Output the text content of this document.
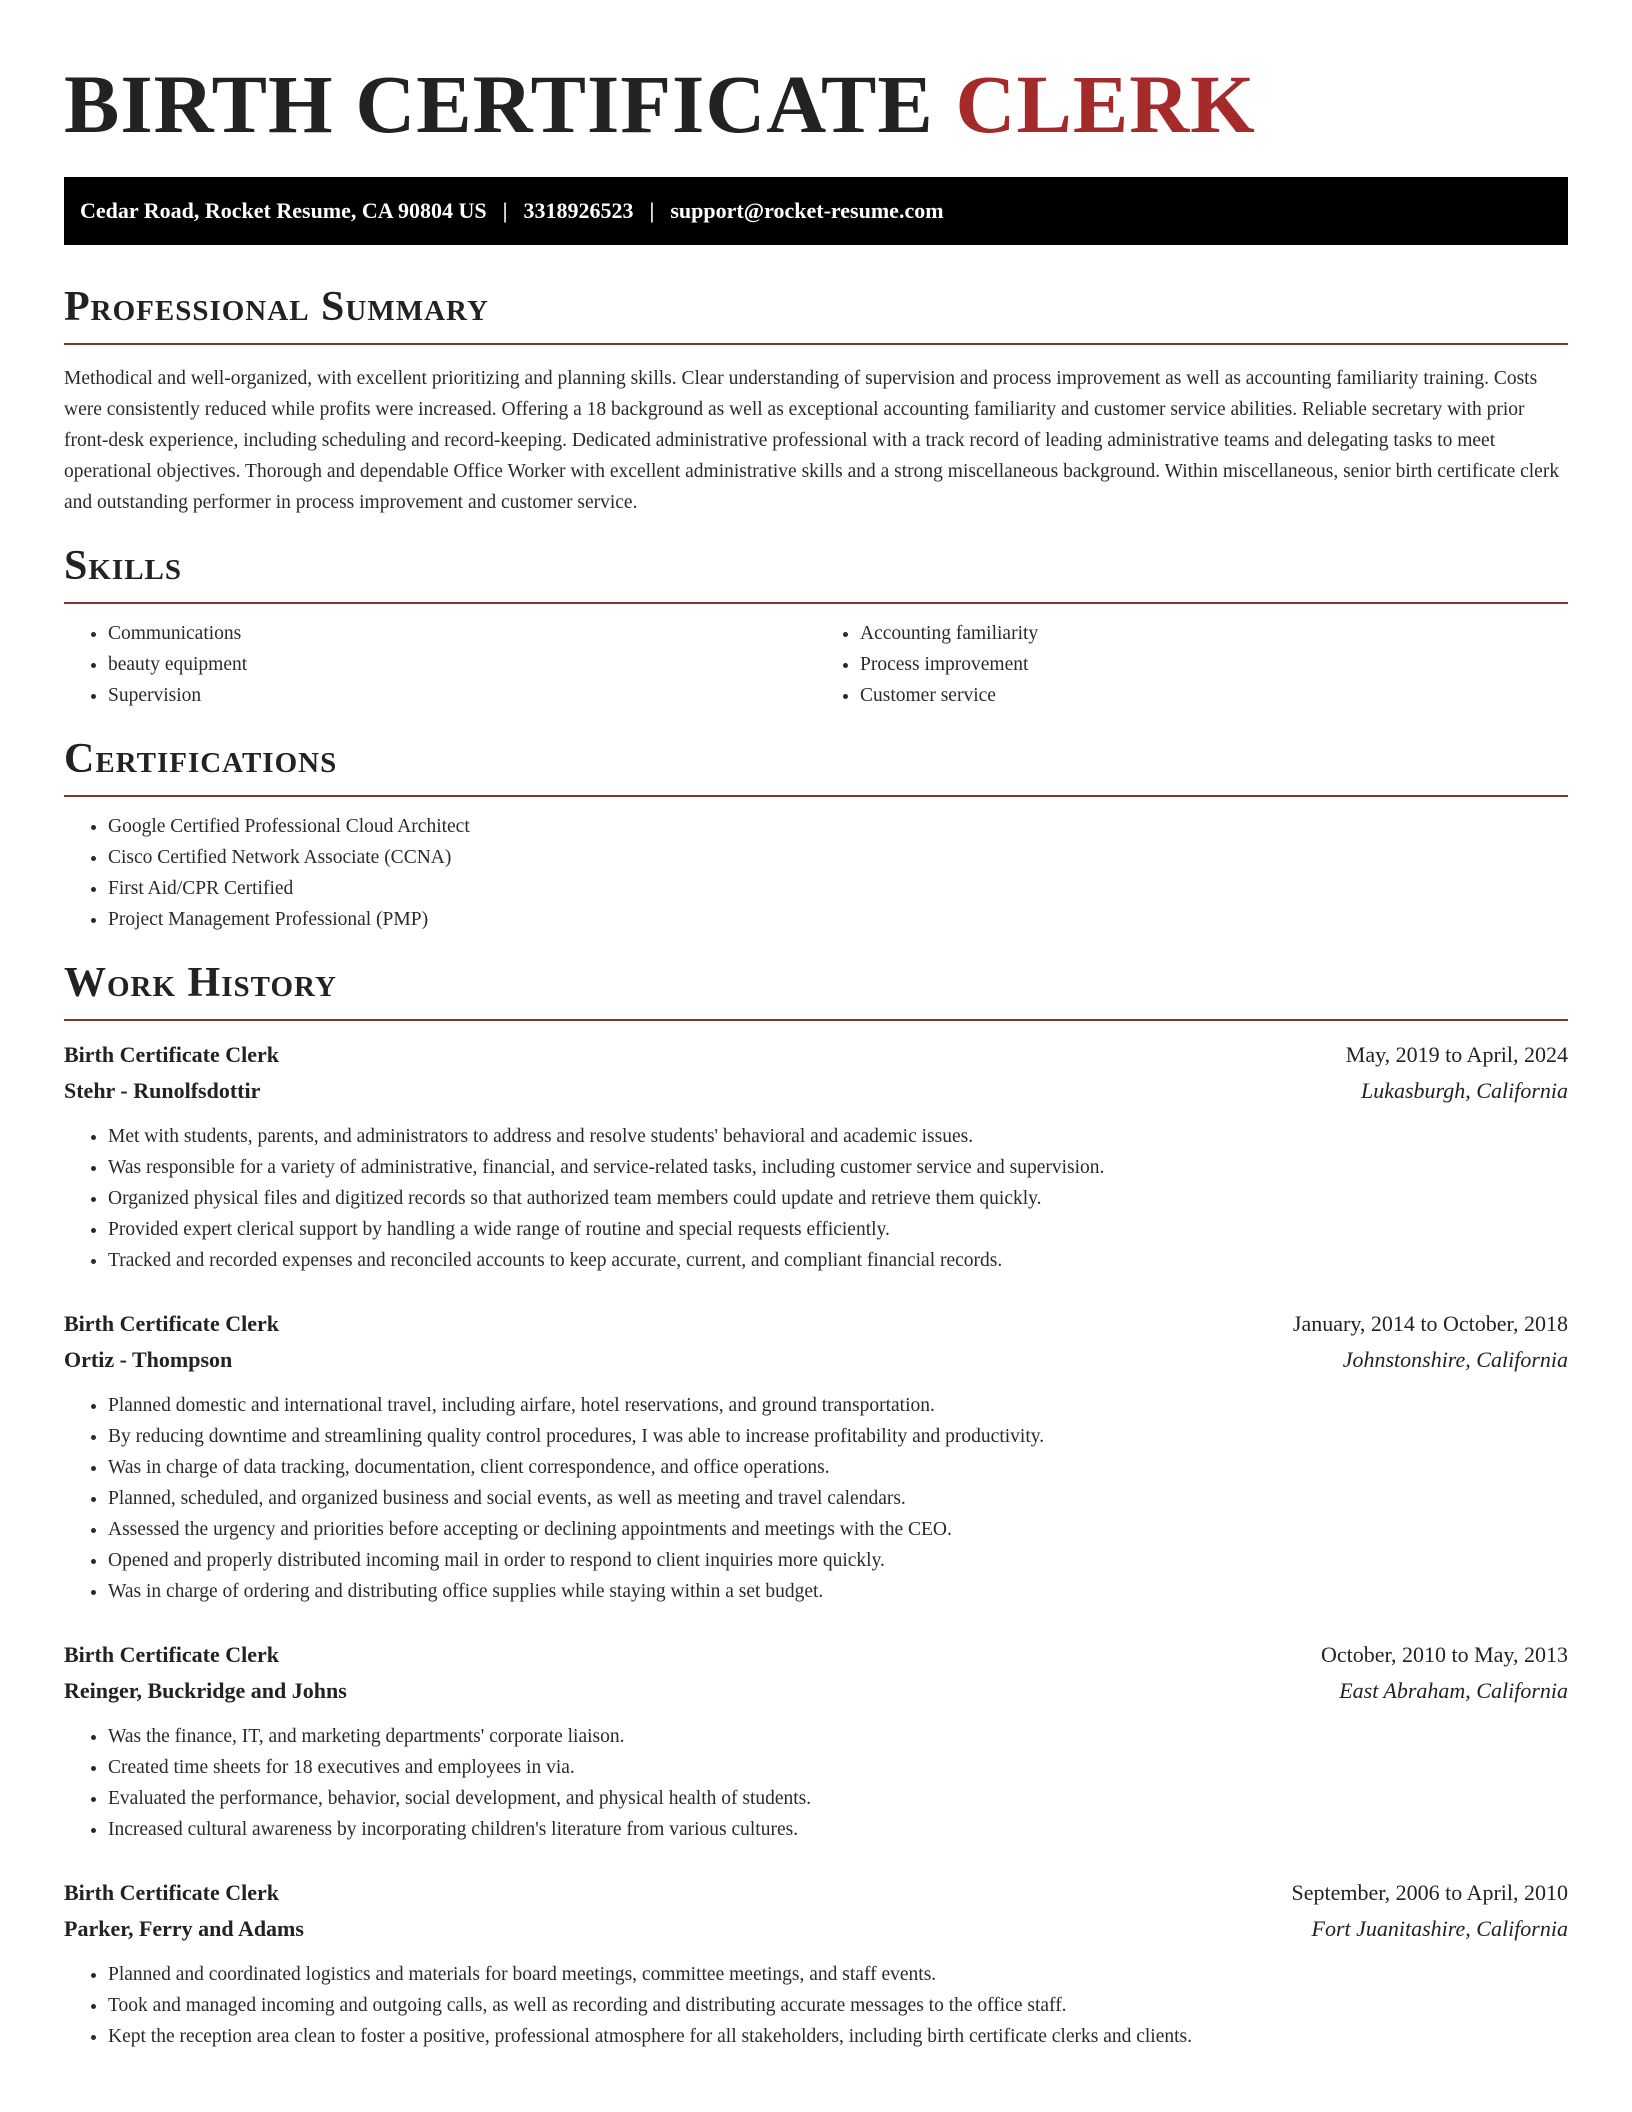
BIRTH CERTIFICATE CLERK
Cedar Road, Rocket Resume, CA 90804 US | 3318926523 | support@rocket-resume.com
Professional Summary

Methodical and well-organized, with excellent prioritizing and planning skills. Clear understanding of supervision and process improvement as well as accounting familiarity training. Costs were consistently reduced while profits were increased. Offering a 18 background as well as exceptional accounting familiarity and customer service abilities. Reliable secretary with prior front-desk experience, including scheduling and record-keeping. Dedicated administrative professional with a track record of leading administrative teams and delegating tasks to meet operational objectives. Thorough and dependable Office Worker with excellent administrative skills and a strong miscellaneous background. Within miscellaneous, senior birth certificate clerk and outstanding performer in process improvement and customer service.

Skills
• Communications
• beauty equipment
• Supervision
• Accounting familiarity
• Process improvement
• Customer service
Certifications
• Google Certified Professional Cloud Architect
• Cisco Certified Network Associate (CCNA)
• First Aid/CPR Certified
• Project Management Professional (PMP)
Work History
Birth Certificate Clerk	May, 2019 to April, 2024
Stehr - Runolfsdottir	Lukasburgh, California
• Met with students, parents, and administrators to address and resolve students' behavioral and academic issues.
• Was responsible for a variety of administrative, financial, and service-related tasks, including customer service and supervision.
• Organized physical files and digitized records so that authorized team members could update and retrieve them quickly.
• Provided expert clerical support by handling a wide range of routine and special requests efficiently.
• Tracked and recorded expenses and reconciled accounts to keep accurate, current, and compliant financial records.
Birth Certificate Clerk	January, 2014 to October, 2018
Ortiz - Thompson	Johnstonshire, California
• Planned domestic and international travel, including airfare, hotel reservations, and ground transportation.
• By reducing downtime and streamlining quality control procedures, I was able to increase profitability and productivity.
• Was in charge of data tracking, documentation, client correspondence, and office operations.
• Planned, scheduled, and organized business and social events, as well as meeting and travel calendars.
• Assessed the urgency and priorities before accepting or declining appointments and meetings with the CEO.
• Opened and properly distributed incoming mail in order to respond to client inquiries more quickly.
• Was in charge of ordering and distributing office supplies while staying within a set budget.
Birth Certificate Clerk	October, 2010 to May, 2013
Reinger, Buckridge and Johns	East Abraham, California
• Was the finance, IT, and marketing departments' corporate liaison.
• Created time sheets for 18 executives and employees in via.
• Evaluated the performance, behavior, social development, and physical health of students.
• Increased cultural awareness by incorporating children's literature from various cultures.
Birth Certificate Clerk	September, 2006 to April, 2010
Parker, Ferry and Adams	Fort Juanitashire, California
• Planned and coordinated logistics and materials for board meetings, committee meetings, and staff events.
• Took and managed incoming and outgoing calls, as well as recording and distributing accurate messages to the office staff.
• Kept the reception area clean to foster a positive, professional atmosphere for all stakeholders, including birth certificate clerks and clients.
